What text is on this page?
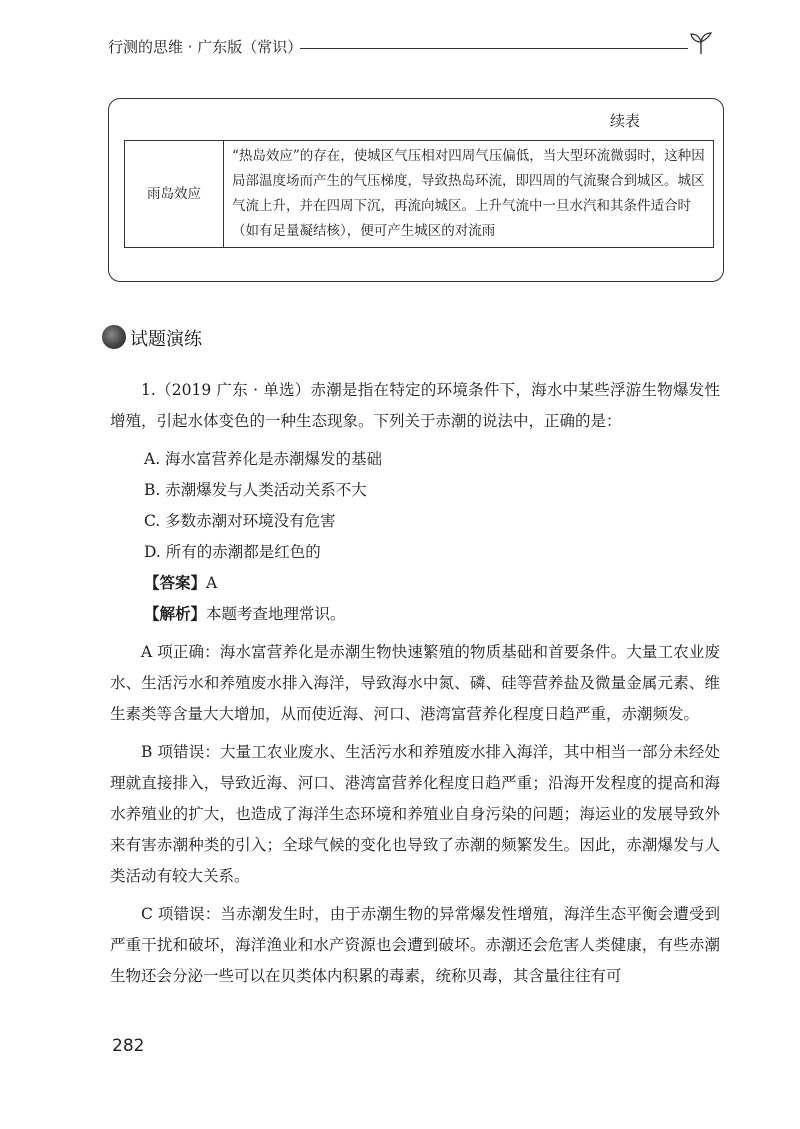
行测的思维 · 广东版（常识）
续表
雨岛效应	“热岛效应”的存在，使城区气压相对四周气压偏低，当大型环流微弱时，这种因局部温度场而产生的气压梯度，导致热岛环流，即四周的气流聚合到城区。城区气流上升，并在四周下沉，再流向城区。上升气流中一旦水汽和其条件适合时（如有足量凝结核），便可产生城区的对流雨
试题演练

1.（2019 广东 · 单选）赤潮是指在特定的环境条件下，海水中某些浮游生物爆发性增殖，引起水体变色的一种生态现象。下列关于赤潮的说法中，正确的是：

A. 海水富营养化是赤潮爆发的基础

B. 赤潮爆发与人类活动关系不大

C. 多数赤潮对环境没有危害

D. 所有的赤潮都是红色的

【答案】A

【解析】本题考查地理常识。

A 项正确：海水富营养化是赤潮生物快速繁殖的物质基础和首要条件。大量工农业废水、生活污水和养殖废水排入海洋，导致海水中氮、磷、硅等营养盐及微量金属元素、维生素类等含量大大增加，从而使近海、河口、港湾富营养化程度日趋严重，赤潮频发。

B 项错误：大量工农业废水、生活污水和养殖废水排入海洋，其中相当一部分未经处理就直接排入，导致近海、河口、港湾富营养化程度日趋严重；沿海开发程度的提高和海水养殖业的扩大，也造成了海洋生态环境和养殖业自身污染的问题；海运业的发展导致外来有害赤潮种类的引入；全球气候的变化也导致了赤潮的频繁发生。因此，赤潮爆发与人类活动有较大关系。

C 项错误：当赤潮发生时，由于赤潮生物的异常爆发性增殖，海洋生态平衡会遭受到严重干扰和破坏，海洋渔业和水产资源也会遭到破坏。赤潮还会危害人类健康，有些赤潮生物还会分泌一些可以在贝类体内积累的毒素，统称贝毒，其含量往往有可

282
